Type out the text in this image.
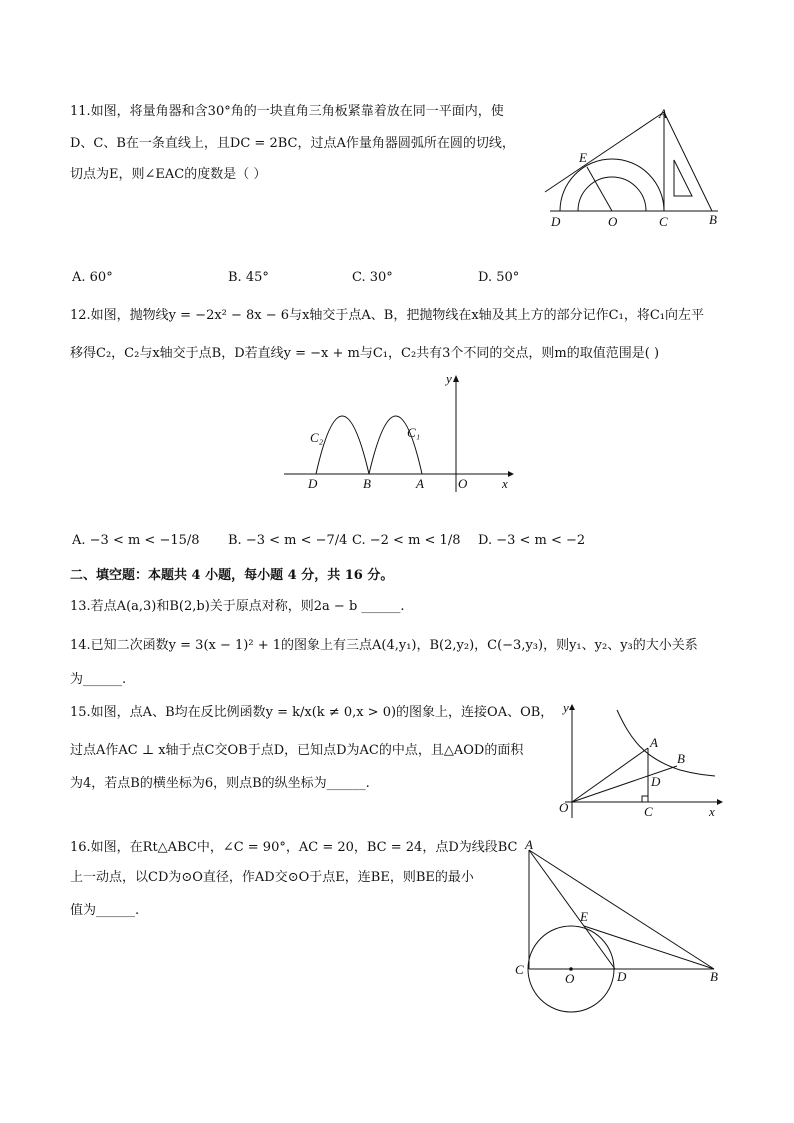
11.如图，将量角器和含30°角的一块直角三角板紧靠着放在同一平面内，使
D、C、B在一条直线上，且DC = 2BC，过点A作量角器圆弧所在圆的切线，
切点为E，则∠EAC的度数是（ ）
A
E
D	O	C	B
A. 60°	B. 45°	C. 30°	D. 50°
12.如图，抛物线y = −2x² − 8x − 6与x轴交于点A、B，把抛物线在x轴及其上方的部分记作C₁，将C₁向左平
移得C₂，C₂与x轴交于点B，D若直线y = −x + m与C₁，C₂共有3个不同的交点，则m的取值范围是( )
y
x
C₂	C₁
D	B	A	O
A. −3 < m < −15/8 B. −3 < m < −7/4 C. −2 < m < 1/8 D. −3 < m < −2
二、填空题：本题共 4 小题，每小题 4 分，共 16 分。
13.若点A(a,3)和B(2,b)关于原点对称，则2a − b ______.
14.已知二次函数y = 3(x − 1)² + 1的图象上有三点A(4,y₁)，B(2,y₂)，C(−3,y₃)，则y₁、y₂、y₃的大小关系
为______.
15.如图，点A、B均在反比例函数y = k/x(k ≠ 0,x > 0)的图象上，连接OA、OB，
过点A作AC ⊥ x轴于点C交OB于点D，已知点D为AC的中点，且△AOD的面积
为4，若点B的横坐标为6，则点B的纵坐标为______.
y
x
O
A
B
D
C
16.如图，在Rt△ABC中，∠C = 90°，AC = 20，BC = 24，点D为线段BC
上一动点，以CD为⊙O直径，作AD交⊙O于点E，连BE，则BE的最小
值为______.
A
E
C
O	D	B
